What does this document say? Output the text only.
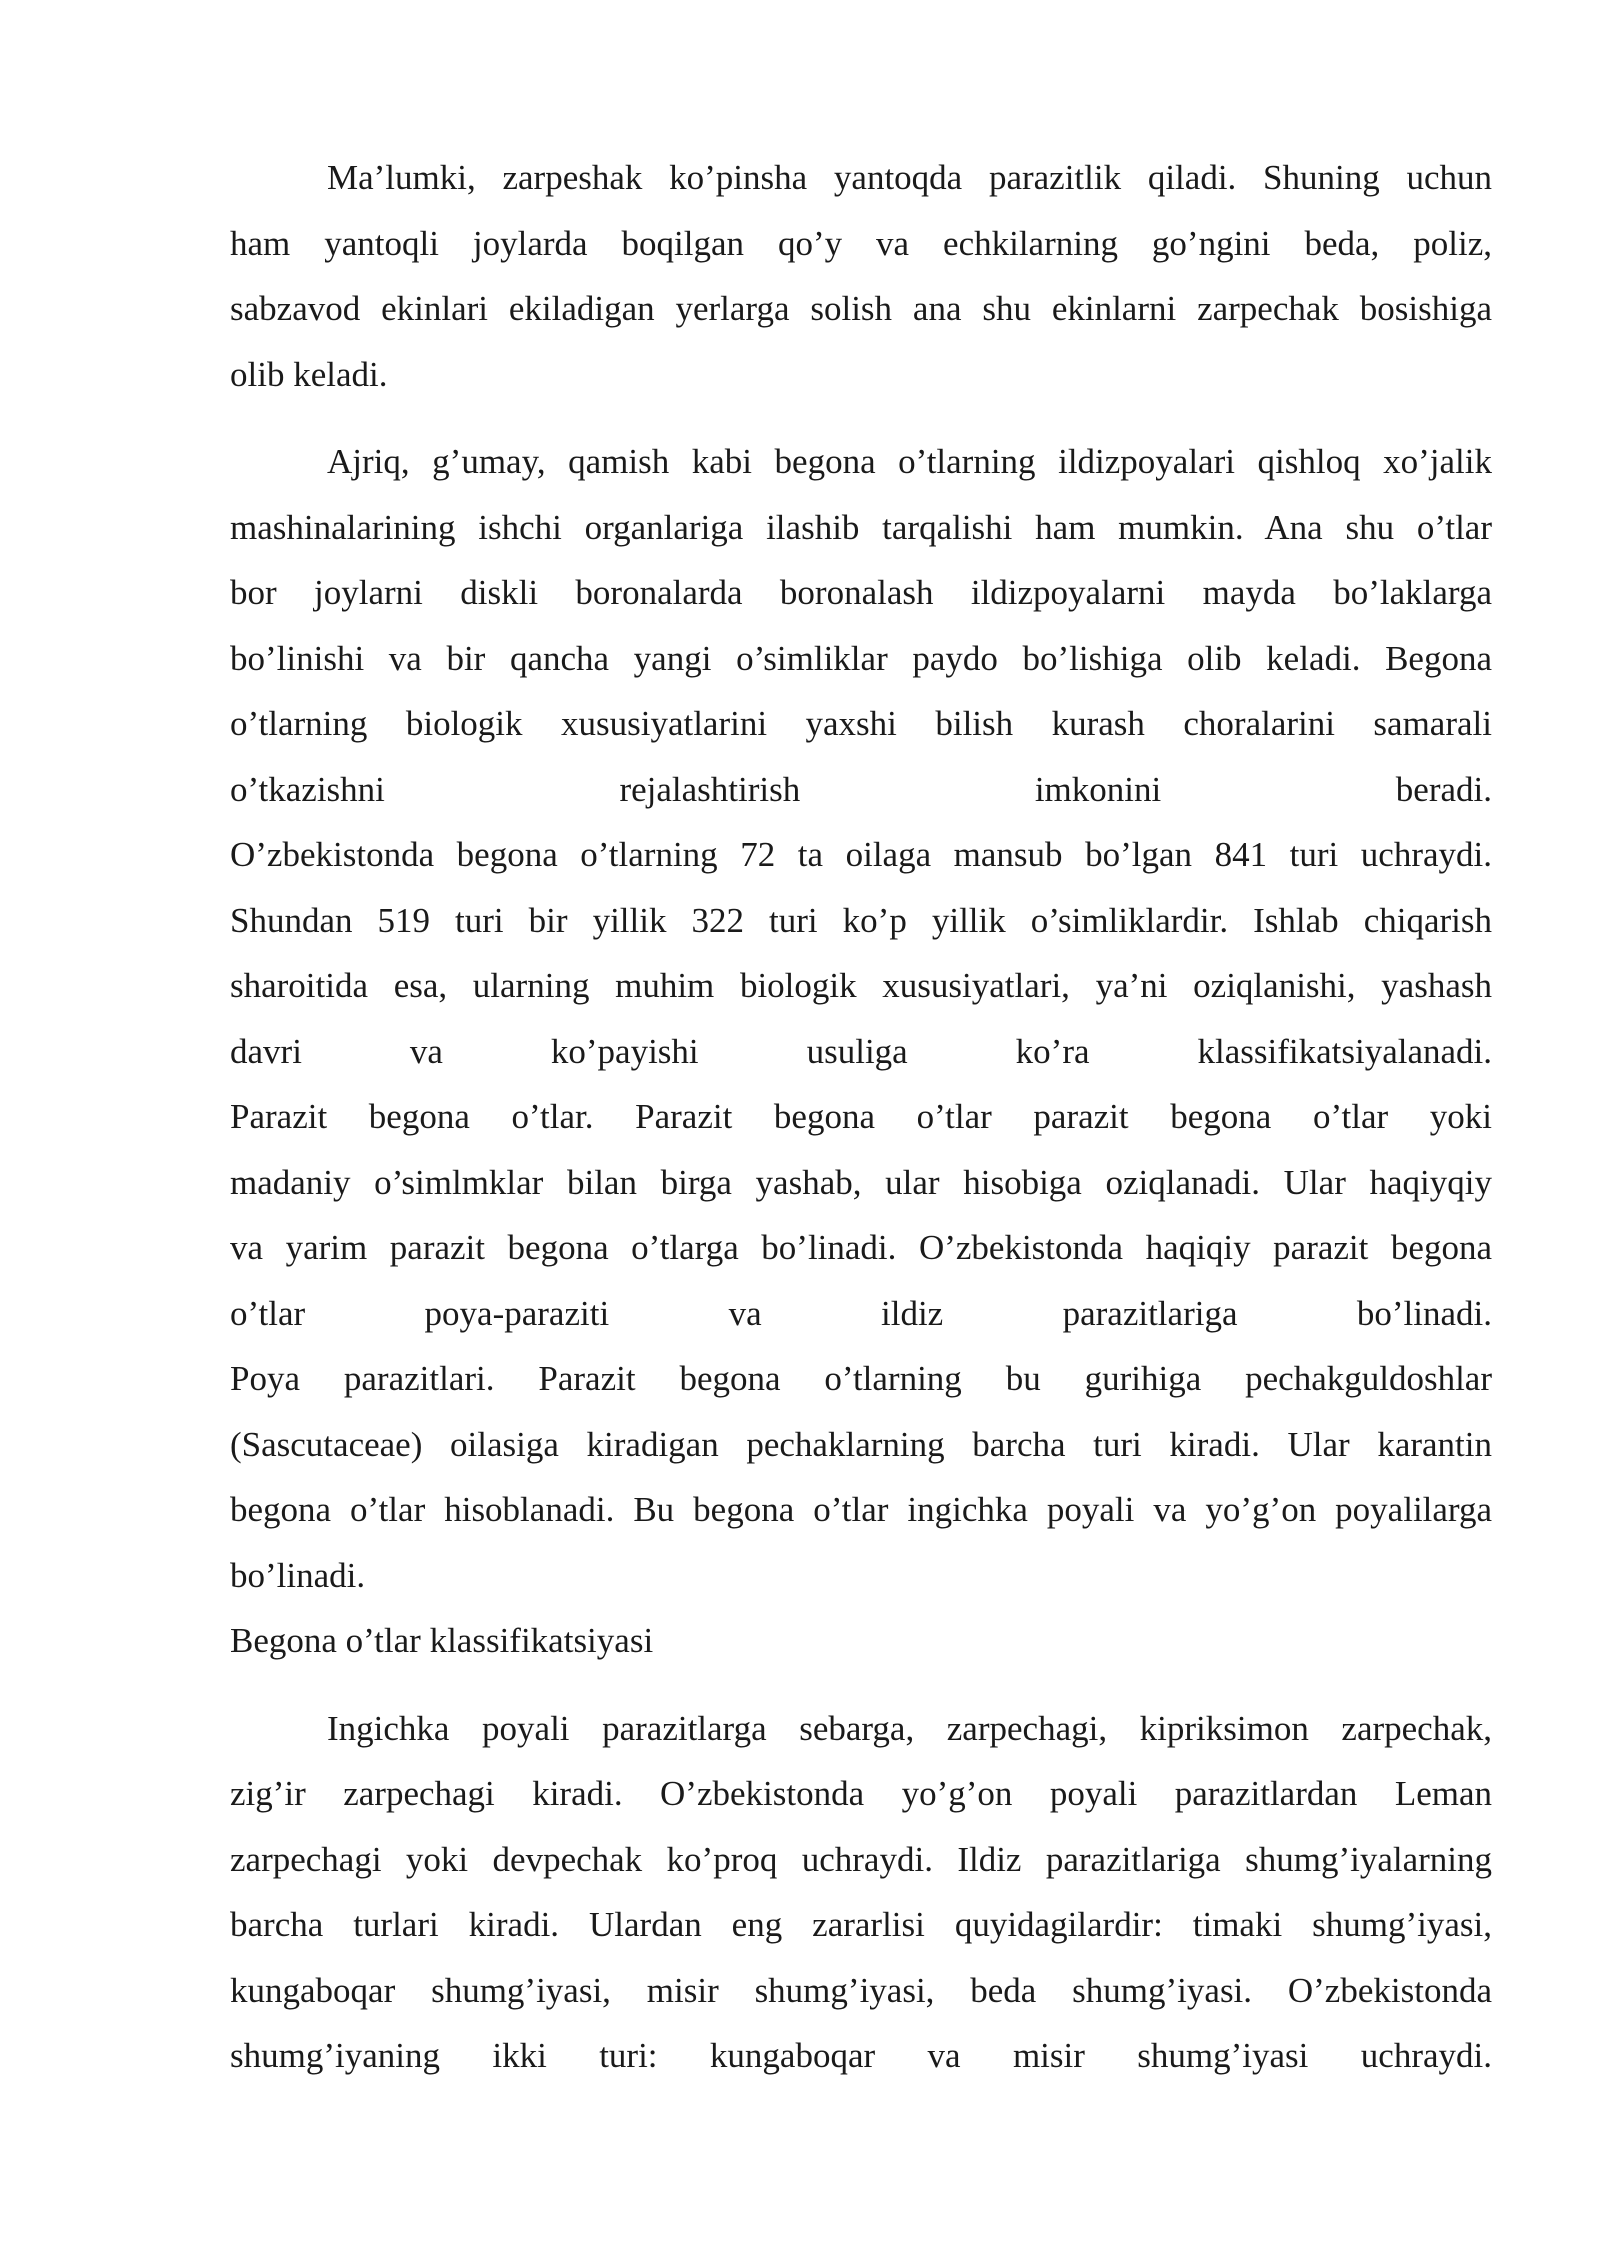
Ma’lumki, zarpeshak ko’pinsha yantoqda parazitlik qiladi. Shuning uchun
ham yantoqli joylarda boqilgan qo’y va echkilarning go’ngini beda, poliz,
sabzavod ekinlari ekiladigan yerlarga solish ana shu ekinlarni zarpechak bosishiga
olib keladi.
Ajriq, g’umay, qamish kabi begona o’tlarning ildizpoyalari qishloq xo’jalik
mashinalarining ishchi organlariga ilashib tarqalishi ham mumkin. Ana shu o’tlar
bor joylarni diskli boronalarda boronalash ildizpoyalarni mayda bo’laklarga
bo’linishi va bir qancha yangi o’simliklar paydo bo’lishiga olib keladi. Begona
o’tlarning biologik xususiyatlarini yaxshi bilish kurash choralarini samarali
o’tkazishni rejalashtirish imkonini beradi.
O’zbekistonda begona o’tlarning 72 ta oilaga mansub bo’lgan 841 turi uchraydi.
Shundan 519 turi bir yillik 322 turi ko’p yillik o’simliklardir. Ishlab chiqarish
sharoitida esa, ularning muhim biologik xususiyatlari, ya’ni oziqlanishi, yashash
davri va ko’payishi usuliga ko’ra klassifikatsiyalanadi.
Parazit begona o’tlar. Parazit begona o’tlar parazit begona o’tlar yoki
madaniy o’simlmklar bilan birga yashab, ular hisobiga oziqlanadi. Ular haqiyqiy
va yarim parazit begona o’tlarga bo’linadi. O’zbekistonda haqiqiy parazit begona
o’tlar poya-paraziti va ildiz parazitlariga bo’linadi.
Poya parazitlari. Parazit begona o’tlarning bu gurihiga pechakguldoshlar
(Sascutaceae) oilasiga kiradigan pechaklarning barcha turi kiradi. Ular karantin
begona o’tlar hisoblanadi. Bu begona o’tlar ingichka poyali va yo’g’on poyalilarga
bo’linadi.
Begona o’tlar klassifikatsiyasi
Ingichka poyali parazitlarga sebarga, zarpechagi, kipriksimon zarpechak,
zig’ir zarpechagi kiradi. O’zbekistonda yo’g’on poyali parazitlardan Leman
zarpechagi yoki devpechak ko’proq uchraydi. Ildiz parazitlariga shumg’iyalarning
barcha turlari kiradi. Ulardan eng zararlisi quyidagilardir: timaki shumg’iyasi,
kungaboqar shumg’iyasi, misir shumg’iyasi, beda shumg’iyasi. O’zbekistonda
shumg’iyaning ikki turi: kungaboqar va misir shumg’iyasi uchraydi.
